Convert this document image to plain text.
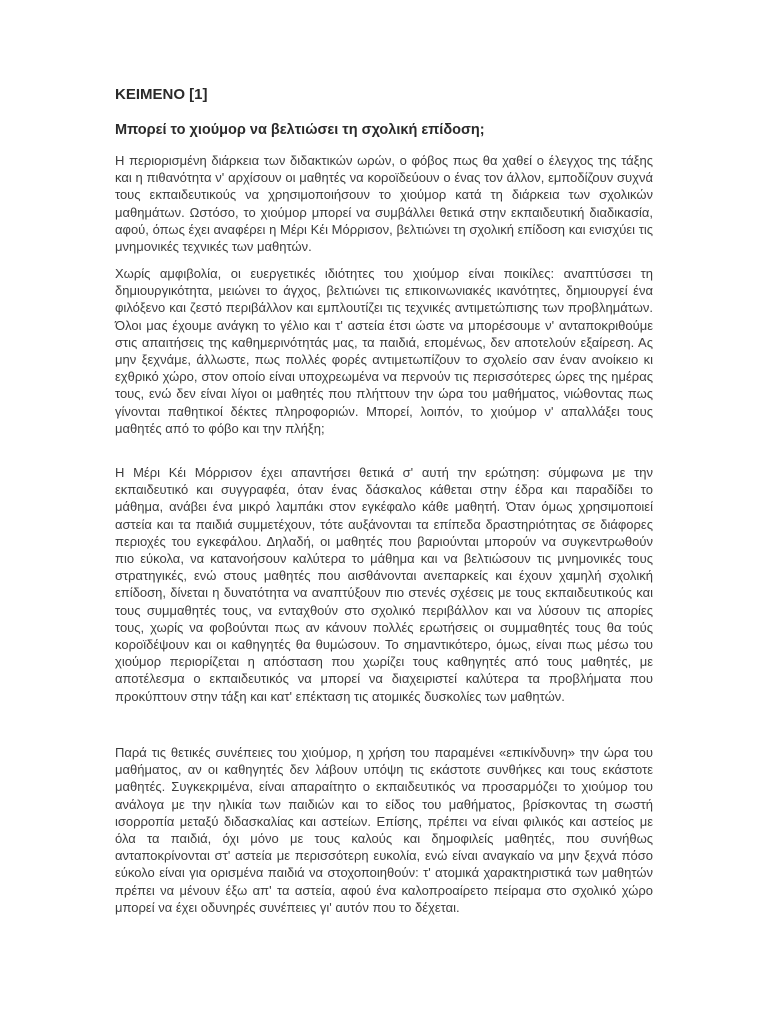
ΚΕΙΜΕΝΟ [1]
Μπορεί το χιούμορ να βελτιώσει τη σχολική επίδοση;

Η περιορισμένη διάρκεια των διδακτικών ωρών, ο φόβος πως θα χαθεί ο έλεγχος της τάξης και η πιθανότητα ν' αρχίσουν οι μαθητές να κοροϊδεύουν ο ένας τον άλλον, εμποδίζουν συχνά τους εκπαιδευτικούς να χρησιμοποιήσουν το χιούμορ κατά τη διάρκεια των σχολικών μαθημάτων. Ωστόσο, το χιούμορ μπορεί να συμβάλλει θετικά στην εκπαιδευτική διαδικασία, αφού, όπως έχει αναφέρει η Μέρι Κέι Μόρρισον, βελτιώνει τη σχολική επίδοση και ενισχύει τις μνημονικές τεχνικές των μαθητών.

Χωρίς αμφιβολία, οι ευεργετικές ιδιότητες του χιούμορ είναι ποικίλες: αναπτύσσει τη δημιουργικότητα, μειώνει το άγχος, βελτιώνει τις επικοινωνιακές ικανότητες, δημιουργεί ένα φιλόξενο και ζεστό περιβάλλον και εμπλουτίζει τις τεχνικές αντιμετώπισης των προβλημάτων. Όλοι μας έχουμε ανάγκη το γέλιο και τ' αστεία έτσι ώστε να μπορέσουμε ν' ανταποκριθούμε στις απαιτήσεις της καθημερινότητάς μας, τα παιδιά, επομένως, δεν αποτελούν εξαίρεση. Ας μην ξεχνάμε, άλλωστε, πως πολλές φορές αντιμετωπίζουν το σχολείο σαν έναν ανοίκειο κι εχθρικό χώρο, στον οποίο είναι υποχρεωμένα να περνούν τις περισσότερες ώρες της ημέρας τους, ενώ δεν είναι λίγοι οι μαθητές που πλήττουν την ώρα του μαθήματος, νιώθοντας πως γίνονται παθητικοί δέκτες πληροφοριών. Μπορεί, λοιπόν, το χιούμορ ν' απαλλάξει τους μαθητές από το φόβο και την πλήξη;

Η Μέρι Κέι Μόρρισον έχει απαντήσει θετικά σ' αυτή την ερώτηση: σύμφωνα με την εκπαιδευτικό και συγγραφέα, όταν ένας δάσκαλος κάθεται στην έδρα και παραδίδει το μάθημα, ανάβει ένα μικρό λαμπάκι στον εγκέφαλο κάθε μαθητή. Όταν όμως χρησιμοποιεί αστεία και τα παιδιά συμμετέχουν, τότε αυξάνονται τα επίπεδα δραστηριότητας σε διάφορες περιοχές του εγκεφάλου. Δηλαδή, οι μαθητές που βαριούνται μπορούν να συγκεντρωθούν πιο εύκολα, να κατανοήσουν καλύτερα το μάθημα και να βελτιώσουν τις μνημονικές τους στρατηγικές, ενώ στους μαθητές που αισθάνονται ανεπαρκείς και έχουν χαμηλή σχολική επίδοση, δίνεται η δυνατότητα να αναπτύξουν πιο στενές σχέσεις με τους εκπαιδευτικούς και τους συμμαθητές τους, να ενταχθούν στο σχολικό περιβάλλον και να λύσουν τις απορίες τους, χωρίς να φοβούνται πως αν κάνουν πολλές ερωτήσεις οι συμμαθητές τους θα τούς κοροϊδέψουν και οι καθηγητές θα θυμώσουν. Το σημαντικότερο, όμως, είναι πως μέσω του χιούμορ περιορίζεται η απόσταση που χωρίζει τους καθηγητές από τους μαθητές, με αποτέλεσμα ο εκπαιδευτικός να μπορεί να διαχειριστεί καλύτερα τα προβλήματα που προκύπτουν στην τάξη και κατ' επέκταση τις ατομικές δυσκολίες των μαθητών.

Παρά τις θετικές συνέπειες του χιούμορ, η χρήση του παραμένει «επικίνδυνη» την ώρα του μαθήματος, αν οι καθηγητές δεν λάβουν υπόψη τις εκάστοτε συνθήκες και τους εκάστοτε μαθητές. Συγκεκριμένα, είναι απαραίτητο ο εκπαιδευτικός να προσαρμόζει το χιούμορ του ανάλογα με την ηλικία των παιδιών και το είδος του μαθήματος, βρίσκοντας τη σωστή ισορροπία μεταξύ διδασκαλίας και αστείων. Επίσης, πρέπει να είναι φιλικός και αστείος με όλα τα παιδιά, όχι μόνο με τους καλούς και δημοφιλείς μαθητές, που συνήθως ανταποκρίνονται στ' αστεία με περισσότερη ευκολία, ενώ είναι αναγκαίο να μην ξεχνά πόσο εύκολο είναι για ορισμένα παιδιά να στοχοποιηθούν: τ' ατομικά χαρακτηριστικά των μαθητών πρέπει να μένουν έξω απ' τα αστεία, αφού ένα καλοπροαίρετο πείραμα στο σχολικό χώρο μπορεί να έχει οδυνηρές συνέπειες γι' αυτόν που το δέχεται.
